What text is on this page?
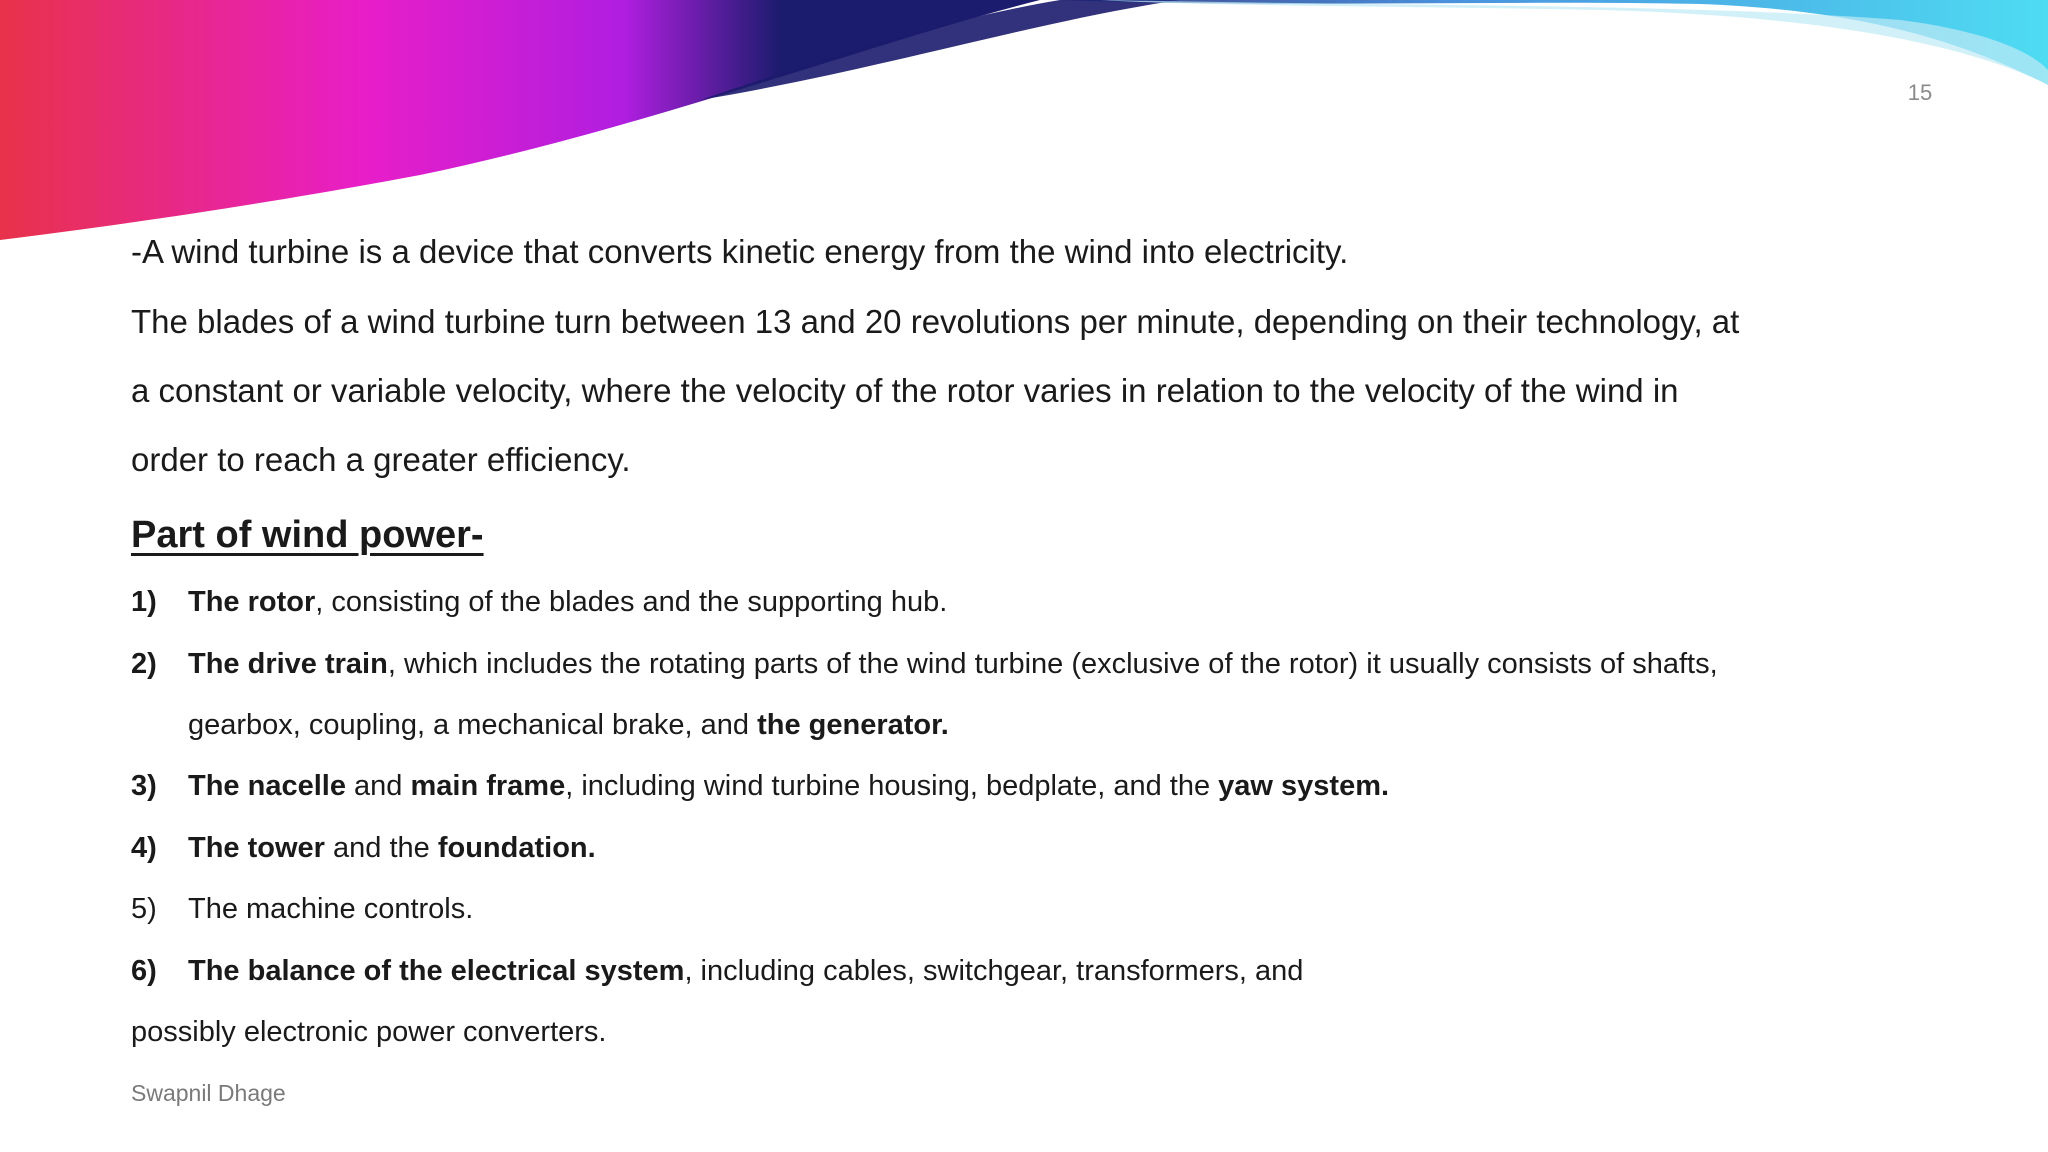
15
-A wind turbine is a device that converts kinetic energy from the wind into electricity.
The blades of a wind turbine turn between 13 and 20 revolutions per minute, depending on their technology, at
a constant or variable velocity, where the velocity of the rotor varies in relation to the velocity of the wind in
order to reach a greater efficiency.
Part of wind power-
1) The rotor, consisting of the blades and the supporting hub.
2) The drive train, which includes the rotating parts of the wind turbine (exclusive of the rotor) it usually consists of shafts,
gearbox, coupling, a mechanical brake, and the generator.
3) The nacelle and main frame, including wind turbine housing, bedplate, and the yaw system.
4) The tower and the foundation.
5) The machine controls.
6) The balance of the electrical system, including cables, switchgear, transformers, and
possibly electronic power converters.
Swapnil Dhage
